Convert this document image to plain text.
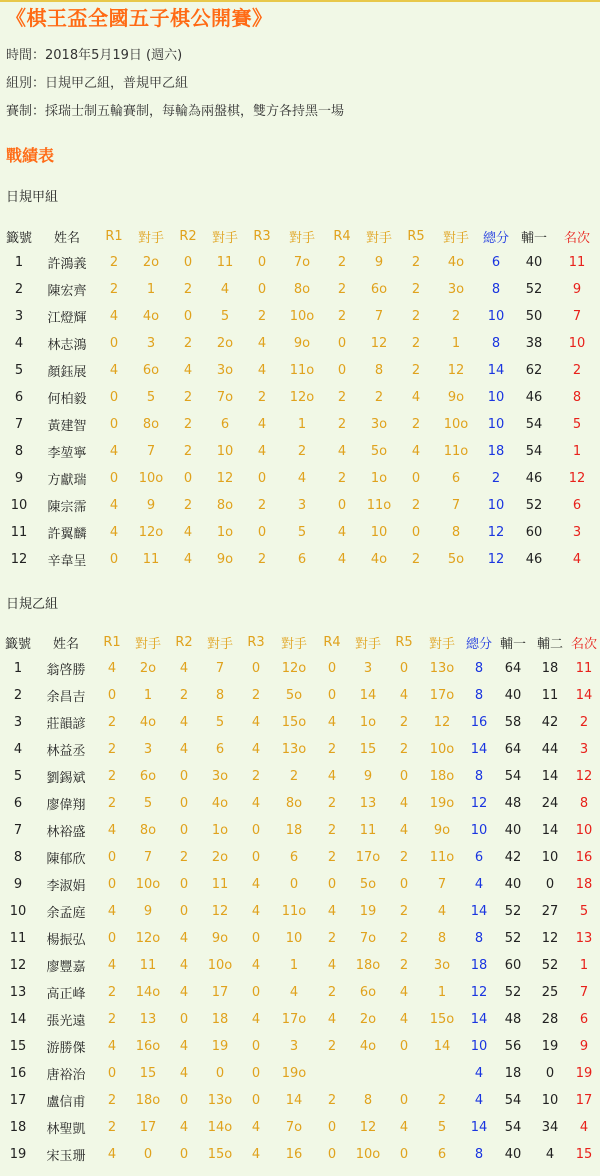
《棋王盃全國五子棋公開賽》
時間：2018年5月19日 (週六)
組別：日規甲乙組，普規甲乙組
賽制：採瑞士制五輪賽制，每輪為兩盤棋，雙方各持黑一場
戰績表
日規甲組
籤號	姓名	R1	對手	R2	對手	R3	對手	R4	對手	R5	對手	總分	輔一	名次
1	許鴻義	2	2o	0	11	0	7o	2	9	2	4o	6	40	11
2	陳宏齊	2	1	2	4	0	8o	2	6o	2	3o	8	52	9
3	江燈輝	4	4o	0	5	2	10o	2	7	2	2	10	50	7
4	林志鴻	0	3	2	2o	4	9o	0	12	2	1	8	38	10
5	顏鈺展	4	6o	4	3o	4	11o	0	8	2	12	14	62	2
6	何柏毅	0	5	2	7o	2	12o	2	2	4	9o	10	46	8
7	黃建智	0	8o	2	6	4	1	2	3o	2	10o	10	54	5
8	李堃寧	4	7	2	10	4	2	4	5o	4	11o	18	54	1
9	方獻瑞	0	10o	0	12	0	4	2	1o	0	6	2	46	12
10	陳宗霈	4	9	2	8o	2	3	0	11o	2	7	10	52	6
11	許翼麟	4	12o	4	1o	0	5	4	10	0	8	12	60	3
12	辛韋呈	0	11	4	9o	2	6	4	4o	2	5o	12	46	4
日規乙組
籤號	姓名	R1	對手	R2	對手	R3	對手	R4	對手	R5	對手	總分	輔一	輔二	名次
1	翁啓勝	4	2o	4	7	0	12o	0	3	0	13o	8	64	18	11
2	余昌吉	0	1	2	8	2	5o	0	14	4	17o	8	40	11	14
3	莊韻諺	2	4o	4	5	4	15o	4	1o	2	12	16	58	42	2
4	林益丞	2	3	4	6	4	13o	2	15	2	10o	14	64	44	3
5	劉錫斌	2	6o	0	3o	2	2	4	9	0	18o	8	54	14	12
6	廖偉翔	2	5	0	4o	4	8o	2	13	4	19o	12	48	24	8
7	林裕盛	4	8o	0	1o	0	18	2	11	4	9o	10	40	14	10
8	陳郁欣	0	7	2	2o	0	6	2	17o	2	11o	6	42	10	16
9	李淑娟	0	10o	0	11	4	0	0	5o	0	7	4	40	0	18
10	余孟庭	4	9	0	12	4	11o	4	19	2	4	14	52	27	5
11	楊振弘	0	12o	4	9o	0	10	2	7o	2	8	8	52	12	13
12	廖豐嘉	4	11	4	10o	4	1	4	18o	2	3o	18	60	52	1
13	高正峰	2	14o	4	17	0	4	2	6o	4	1	12	52	25	7
14	張光遠	2	13	0	18	4	17o	4	2o	4	15o	14	48	28	6
15	游勝傑	4	16o	4	19	0	3	2	4o	0	14	10	56	19	9
16	唐裕治	0	15	4	0	0	19o					4	18	0	19
17	盧信甫	2	18o	0	13o	0	14	2	8	0	2	4	54	10	17
18	林聖凱	2	17	4	14o	4	7o	0	12	4	5	14	54	34	4
19	宋玉珊	4	0	0	15o	4	16	0	10o	0	6	8	40	4	15
